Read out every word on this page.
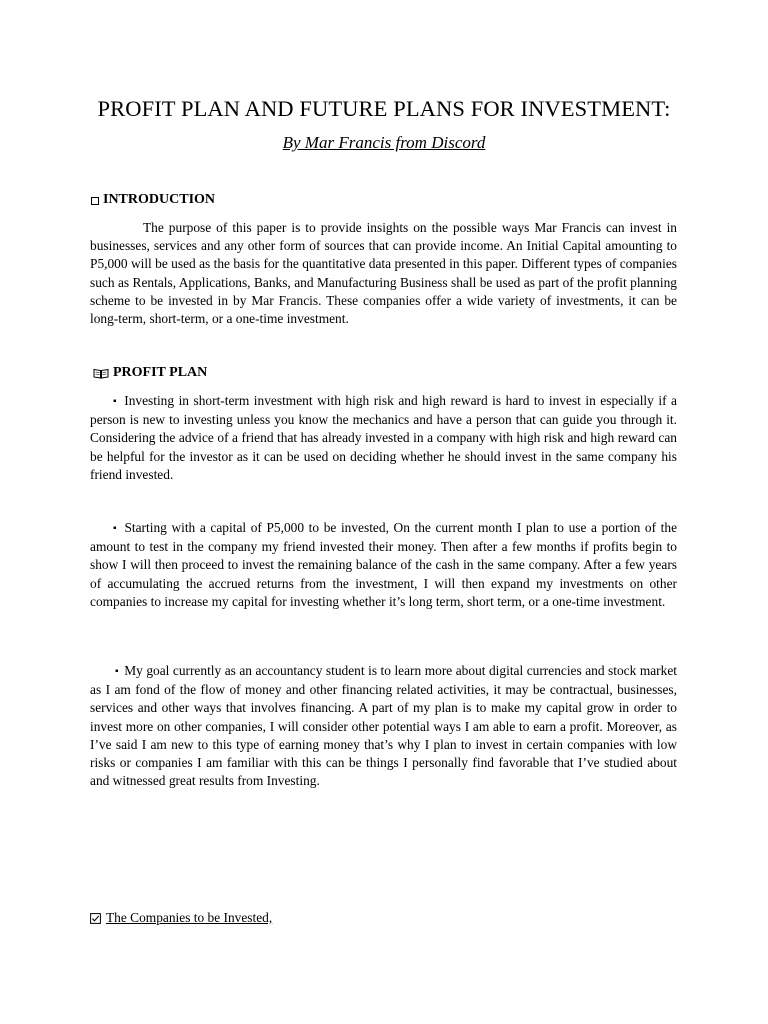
PROFIT PLAN AND FUTURE PLANS FOR INVESTMENT:
By Mar Francis from Discord
INTRODUCTION

The purpose of this paper is to provide insights on the possible ways Mar Francis can invest in businesses, services and any other form of sources that can provide income. An Initial Capital amounting to P5,000 will be used as the basis for the quantitative data presented in this paper. Different types of companies such as Rentals, Applications, Banks, and Manufacturing Business shall be used as part of the profit planning scheme to be invested in by Mar Francis. These companies offer a wide variety of investments, it can be long-term, short-term, or a one-time investment.

PROFIT PLAN

▪ Investing in short-term investment with high risk and high reward is hard to invest in especially if a person is new to investing unless you know the mechanics and have a person that can guide you through it. Considering the advice of a friend that has already invested in a company with high risk and high reward can be helpful for the investor as it can be used on deciding whether he should invest in the same company his friend invested.

▪ Starting with a capital of P5,000 to be invested, On the current month I plan to use a portion of the amount to test in the company my friend invested their money. Then after a few months if profits begin to show I will then proceed to invest the remaining balance of the cash in the same company. After a few years of accumulating the accrued returns from the investment, I will then expand my investments on other companies to increase my capital for investing whether it’s long term, short term, or a one-time investment.

▪ My goal currently as an accountancy student is to learn more about digital currencies and stock market as I am fond of the flow of money and other financing related activities, it may be contractual, businesses, services and other ways that involves financing. A part of my plan is to make my capital grow in order to invest more on other companies, I will consider other potential ways I am able to earn a profit. Moreover, as I’ve said I am new to this type of earning money that’s why I plan to invest in certain companies with low risks or companies I am familiar with this can be things I personally find favorable that I’ve studied about and witnessed great results from Investing.

The Companies to be Invested,
